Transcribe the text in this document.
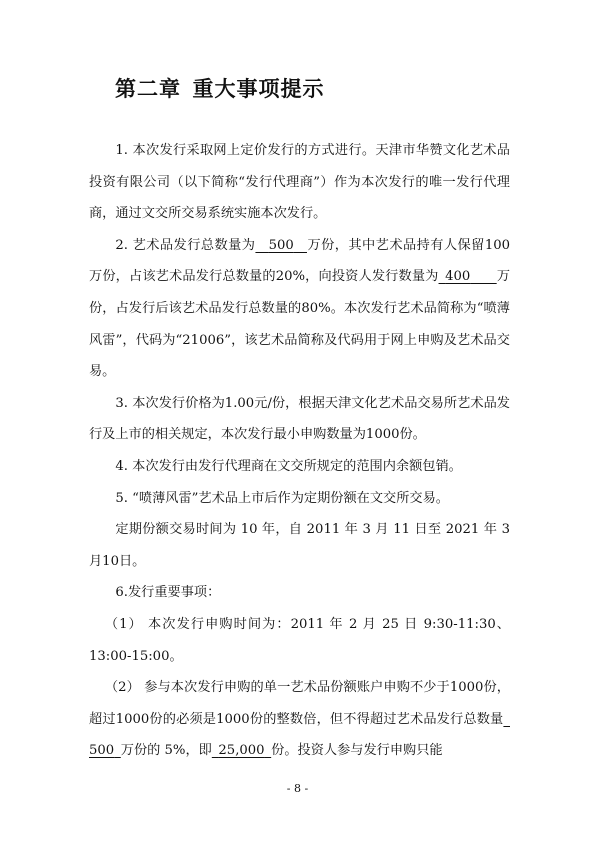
第二章  重大事项提示

1. 本次发行采取网上定价发行的方式进行。天津市华赞文化艺术品投资有限公司（以下简称“发行代理商”）作为本次发行的唯一发行代理商，通过文交所交易系统实施本次发行。

2. 艺术品发行总数量为  500  万份，其中艺术品持有人保留100万份，占该艺术品发行总数量的20%，向投资人发行数量为  400   万份，占发行后该艺术品发行总数量的80%。本次发行艺术品简称为“喷薄风雷”，代码为“21006”，该艺术品简称及代码用于网上申购及艺术品交易。

3. 本次发行价格为1.00元/份，根据天津文化艺术品交易所艺术品发行及上市的相关规定，本次发行最小申购数量为1000份。

4. 本次发行由发行代理商在文交所规定的范围内余额包销。

5. “喷薄风雷”艺术品上市后作为定期份额在文交所交易。

定期份额交易时间为 10 年，自 2011 年 3 月 11 日至 2021 年 3 月10日。

6.发行重要事项：

（1） 本次发行申购时间为：2011 年 2 月 25 日 9:30-11:30、13:00-15:00。

（2） 参与本次发行申购的单一艺术品份额账户申购不少于1000份，超过1000份的必须是1000份的整数倍，但不得超过艺术品发行总数量 500  万份的 5%，即  25,000  份。投资人参与发行申购只能

- 8 -
